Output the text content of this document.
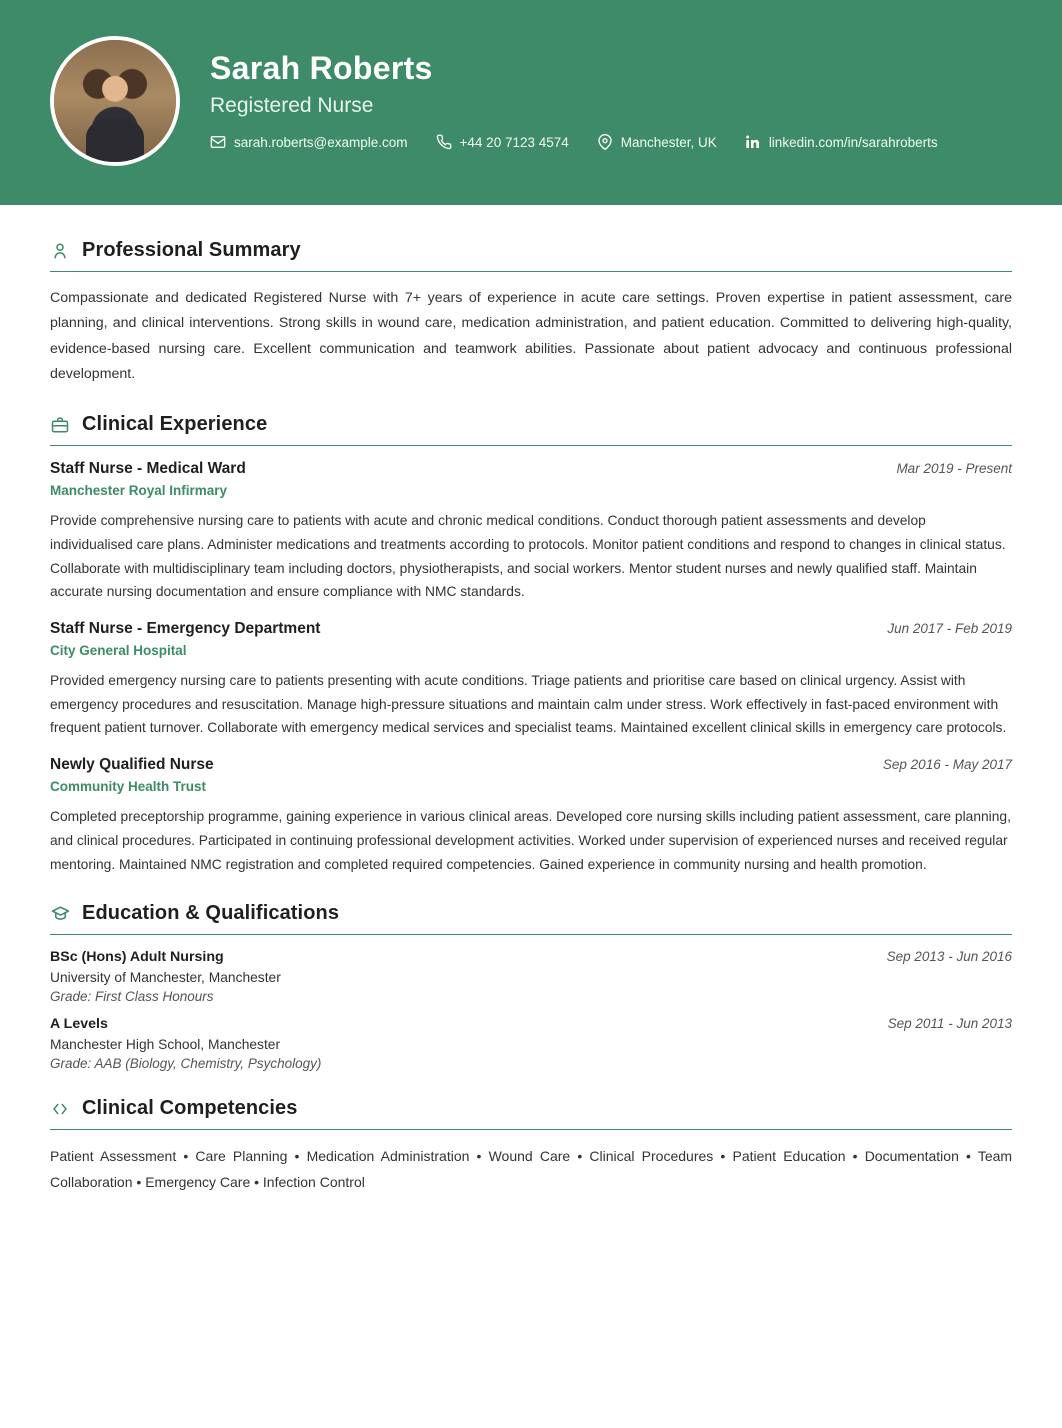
Sarah Roberts
Registered Nurse
sarah.roberts@example.com	+44 20 7123 4574	Manchester, UK	linkedin.com/in/sarahroberts
Professional Summary

Compassionate and dedicated Registered Nurse with 7+ years of experience in acute care settings. Proven expertise in patient assessment, care planning, and clinical interventions. Strong skills in wound care, medication administration, and patient education. Committed to delivering high-quality, evidence-based nursing care. Excellent communication and teamwork abilities. Passionate about patient advocacy and continuous professional development.

Clinical Experience
Staff Nurse - Medical Ward	Mar 2019 - Present
Manchester Royal Infirmary
Provide comprehensive nursing care to patients with acute and chronic medical conditions. Conduct thorough patient assessments and develop individualised care plans. Administer medications and treatments according to protocols. Monitor patient conditions and respond to changes in clinical status. Collaborate with multidisciplinary team including doctors, physiotherapists, and social workers. Mentor student nurses and newly qualified staff. Maintain accurate nursing documentation and ensure compliance with NMC standards.
Staff Nurse - Emergency Department	Jun 2017 - Feb 2019
City General Hospital
Provided emergency nursing care to patients presenting with acute conditions. Triage patients and prioritise care based on clinical urgency. Assist with emergency procedures and resuscitation. Manage high-pressure situations and maintain calm under stress. Work effectively in fast-paced environment with frequent patient turnover. Collaborate with emergency medical services and specialist teams. Maintained excellent clinical skills in emergency care protocols.
Newly Qualified Nurse	Sep 2016 - May 2017
Community Health Trust
Completed preceptorship programme, gaining experience in various clinical areas. Developed core nursing skills including patient assessment, care planning, and clinical procedures. Participated in continuing professional development activities. Worked under supervision of experienced nurses and received regular mentoring. Maintained NMC registration and completed required competencies. Gained experience in community nursing and health promotion.
Education & Qualifications
BSc (Hons) Adult Nursing	Sep 2013 - Jun 2016
University of Manchester, Manchester
Grade: First Class Honours
A Levels	Sep 2011 - Jun 2013
Manchester High School, Manchester
Grade: AAB (Biology, Chemistry, Psychology)
Clinical Competencies
Patient Assessment • Care Planning • Medication Administration • Wound Care • Clinical Procedures • Patient Education • Documentation • Team Collaboration • Emergency Care • Infection Control
